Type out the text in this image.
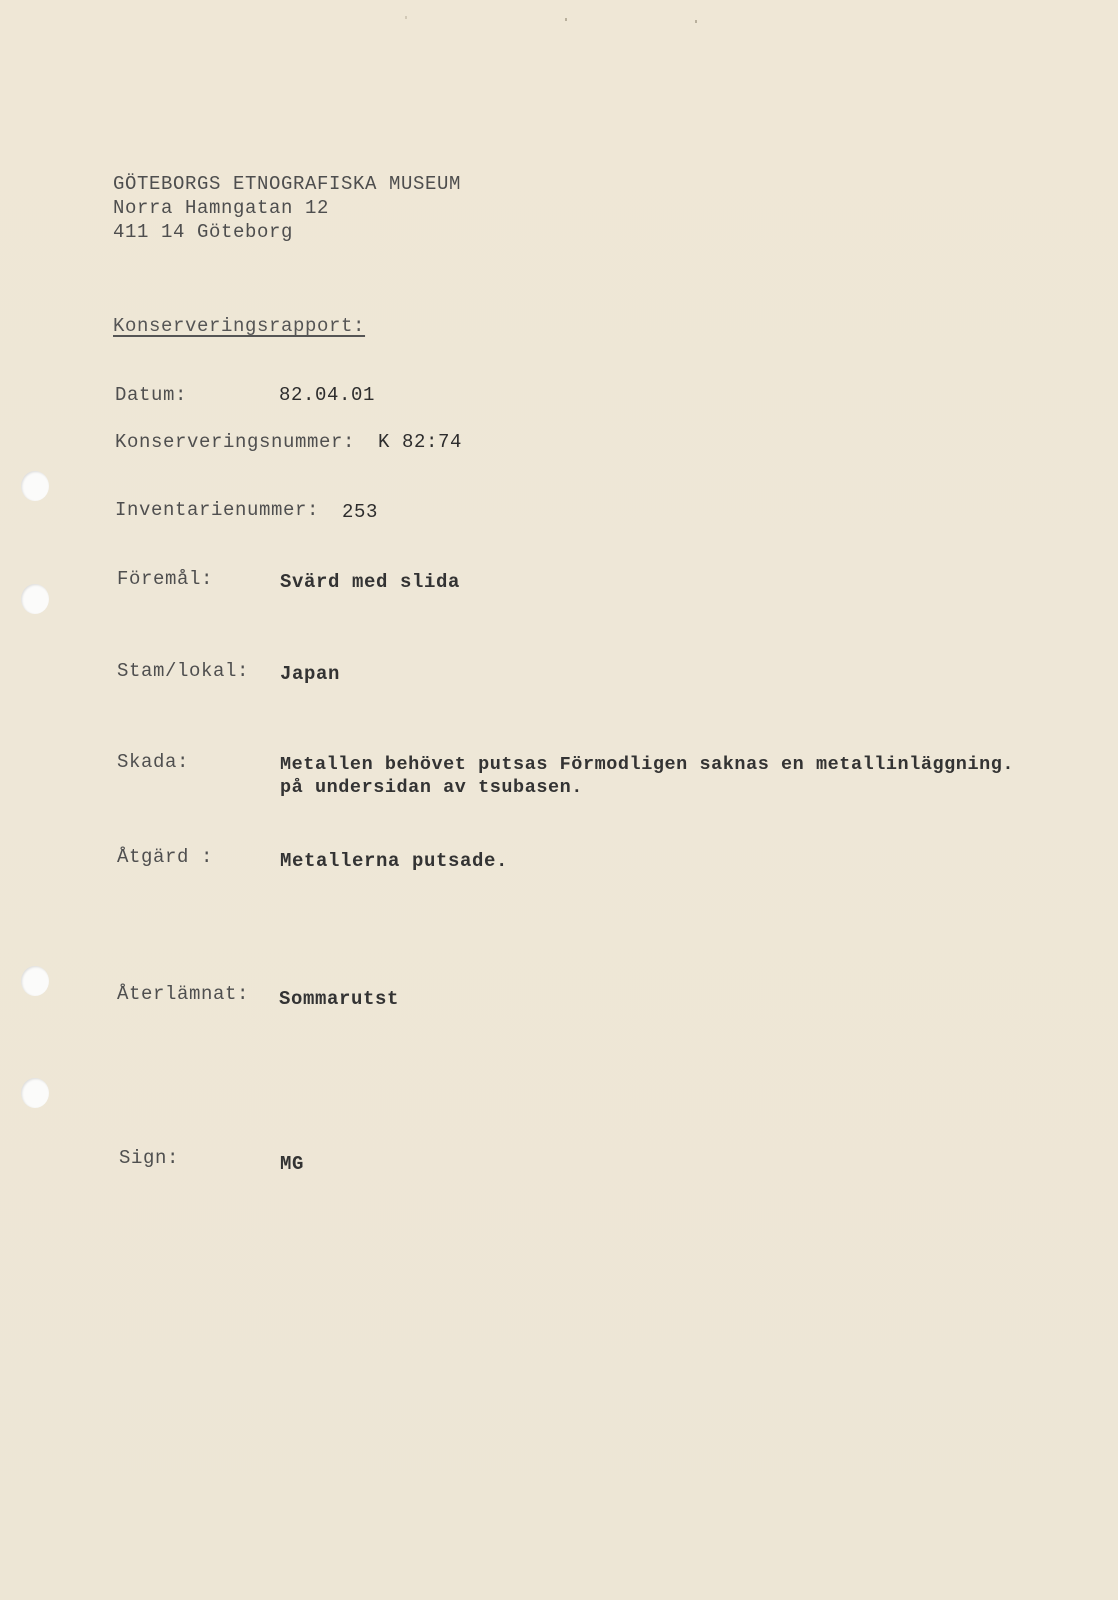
GÖTEBORGS ETNOGRAFISKA MUSEUM
Norra Hamngatan 12
411 14 Göteborg
Konserveringsrapport:
Datum:	82.04.01
Konserveringsnummer: K 82:74
Inventarienummer: 253
Föremål:	Svärd med slida
Stam/lokal: Japan
Skada:	Metallen behövet putsas Förmodligen saknas en metallinläggning.
på undersidan av tsubasen.
Åtgärd :	Metallerna putsade.
Återlämnat: Sommarutst
Sign:	MG
